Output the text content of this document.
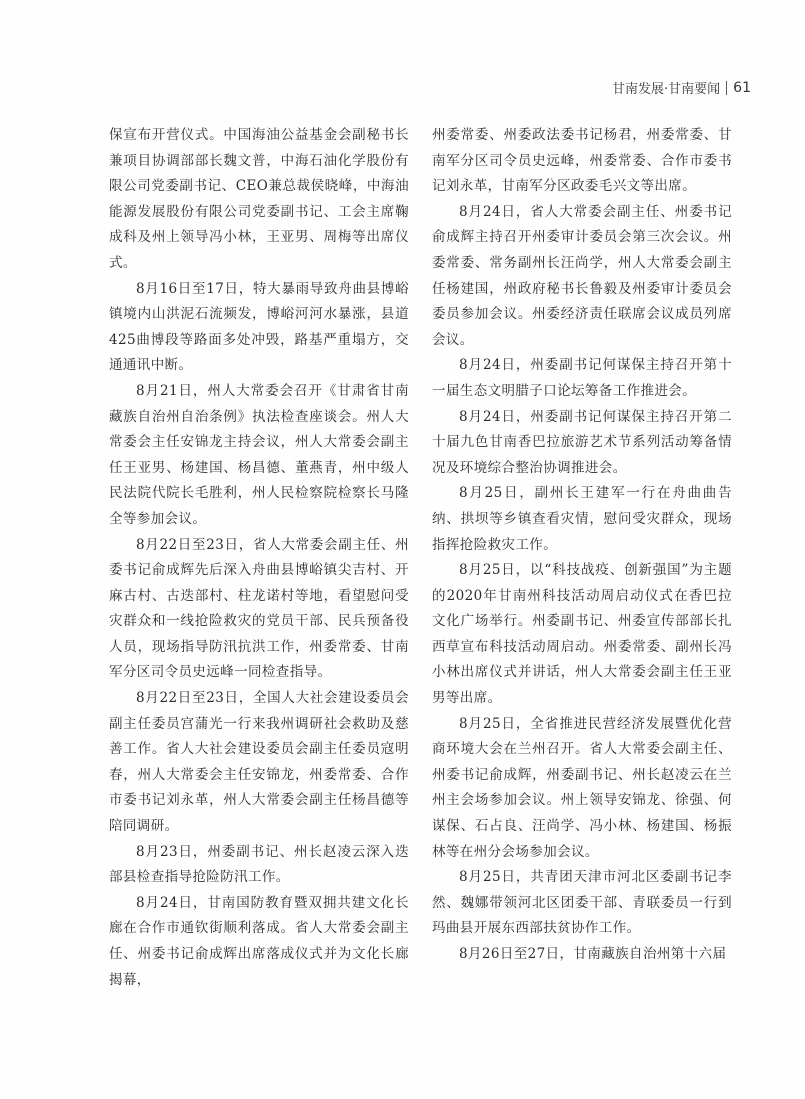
甘南发展·甘南要闻 61

保宣布开营仪式。中国海油公益基金会副秘书长兼项目协调部部长魏文普，中海石油化学股份有限公司党委副书记、CEO兼总裁侯晓峰，中海油能源发展股份有限公司党委副书记、工会主席鞠成科及州上领导冯小林，王亚男、周梅等出席仪式。

8月16日至17日，特大暴雨导致舟曲县博峪镇境内山洪泥石流频发，博峪河河水暴涨，县道425曲博段等路面多处冲毁，路基严重塌方，交通通讯中断。

8月21日，州人大常委会召开《甘肃省甘南藏族自治州自治条例》执法检查座谈会。州人大常委会主任安锦龙主持会议，州人大常委会副主任王亚男、杨建国、杨昌德、董燕青，州中级人民法院代院长毛胜利，州人民检察院检察长马隆全等参加会议。

8月22日至23日，省人大常委会副主任、州委书记俞成辉先后深入舟曲县博峪镇尖吉村、开麻古村、古迭部村、柱龙诺村等地，看望慰问受灾群众和一线抢险救灾的党员干部、民兵预备役人员，现场指导防汛抗洪工作，州委常委、甘南军分区司令员史远峰一同检查指导。

8月22日至23日，全国人大社会建设委员会副主任委员宫蒲光一行来我州调研社会救助及慈善工作。省人大社会建设委员会副主任委员寇明春，州人大常委会主任安锦龙，州委常委、合作市委书记刘永革，州人大常委会副主任杨昌德等陪同调研。

8月23日，州委副书记、州长赵凌云深入迭部县检查指导抢险防汛工作。

8月24日，甘南国防教育暨双拥共建文化长廊在合作市通钦街顺利落成。省人大常委会副主任、州委书记俞成辉出席落成仪式并为文化长廊揭幕，

州委常委、州委政法委书记杨君，州委常委、甘南军分区司令员史远峰，州委常委、合作市委书记刘永革，甘南军分区政委毛兴文等出席。

8月24日，省人大常委会副主任、州委书记俞成辉主持召开州委审计委员会第三次会议。州委常委、常务副州长汪尚学，州人大常委会副主任杨建国，州政府秘书长鲁毅及州委审计委员会委员参加会议。州委经济责任联席会议成员列席会议。

8月24日，州委副书记何谋保主持召开第十一届生态文明腊子口论坛筹备工作推进会。

8月24日，州委副书记何谋保主持召开第二十届九色甘南香巴拉旅游艺术节系列活动筹备情况及环境综合整治协调推进会。

8月25日，副州长王建军一行在舟曲曲告纳、拱坝等乡镇查看灾情，慰问受灾群众，现场指挥抢险救灾工作。

8月25日，以“科技战疫、创新强国”为主题的2020年甘南州科技活动周启动仪式在香巴拉文化广场举行。州委副书记、州委宣传部部长扎西草宣布科技活动周启动。州委常委、副州长冯小林出席仪式并讲话，州人大常委会副主任王亚男等出席。

8月25日，全省推进民营经济发展暨优化营商环境大会在兰州召开。省人大常委会副主任、州委书记俞成辉，州委副书记、州长赵凌云在兰州主会场参加会议。州上领导安锦龙、徐强、何谋保、石占良、汪尚学、冯小林、杨建国、杨振林等在州分会场参加会议。

8月25日，共青团天津市河北区委副书记李然、魏娜带领河北区团委干部、青联委员一行到玛曲县开展东西部扶贫协作工作。

8月26日至27日，甘南藏族自治州第十六届
